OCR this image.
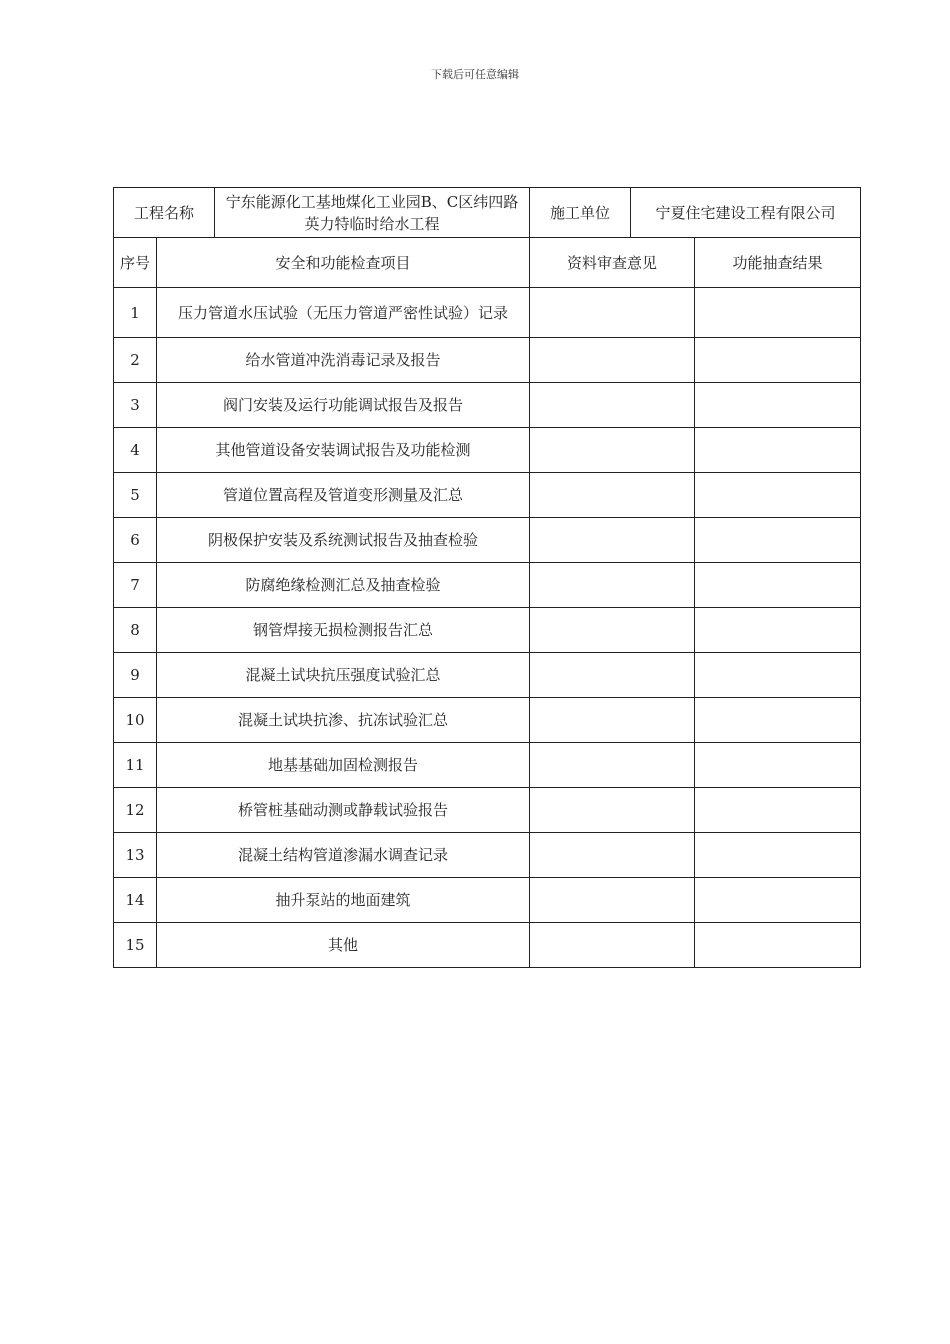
下载后可任意编辑
工程名称		宁东能源化工基地煤化工业园B、C区纬四路英力特临时给水工程	施工单位	宁夏住宅建设工程有限公司	
序号	安全和功能检查项目		资料审查意见		功能抽查结果
1	压力管道水压试验（无压力管道严密性试验）记录				
2	给水管道冲洗消毒记录及报告				
3	阀门安装及运行功能调试报告及报告				
4	其他管道设备安装调试报告及功能检测				
5	管道位置高程及管道变形测量及汇总				
6	阴极保护安装及系统测试报告及抽查检验				
7	防腐绝缘检测汇总及抽查检验				
8	钢管焊接无损检测报告汇总				
9	混凝土试块抗压强度试验汇总				
10	混凝土试块抗渗、抗冻试验汇总				
11	地基基础加固检测报告				
12	桥管桩基础动测或静载试验报告				
13	混凝土结构管道渗漏水调查记录				
14	抽升泵站的地面建筑				
15	其他				
